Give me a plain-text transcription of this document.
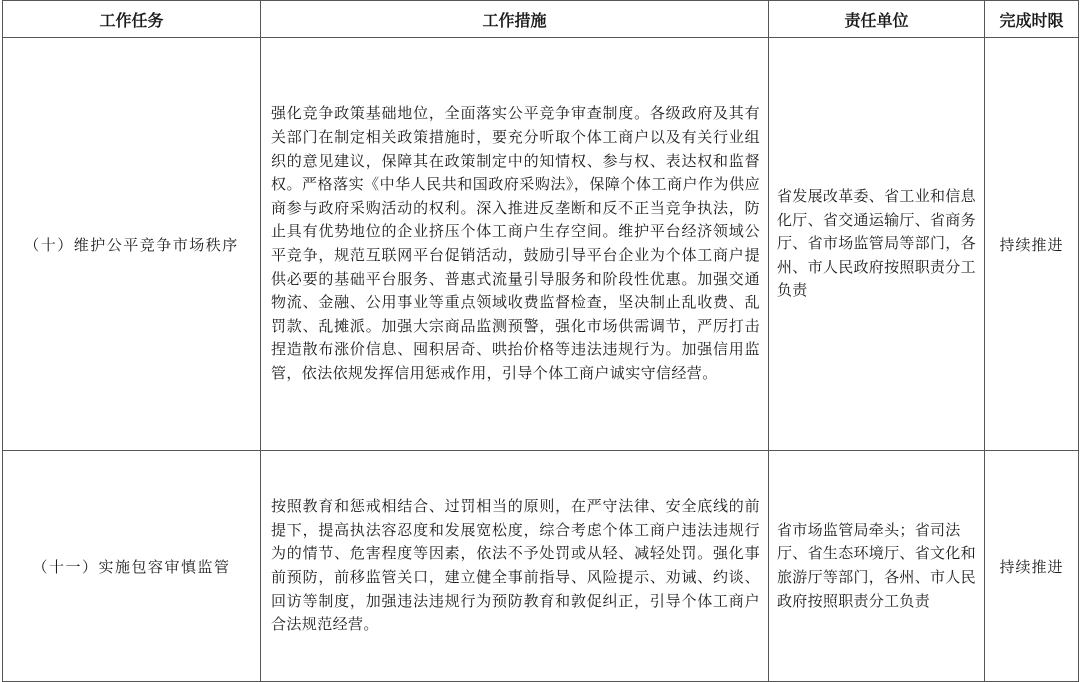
工作任务	工作措施	责任单位	完成时限
（十）维护公平竞争市场秩序	强化竞争政策基础地位，全面落实公平竞争审查制度。各级政府及其有关部门在制定相关政策措施时，要充分听取个体工商户以及有关行业组织的意见建议，保障其在政策制定中的知情权、参与权、表达权和监督权。严格落实《中华人民共和国政府采购法》，保障个体工商户作为供应商参与政府采购活动的权利。深入推进反垄断和反不正当竞争执法，防止具有优势地位的企业挤压个体工商户生存空间。维护平台经济领域公平竞争，规范互联网平台促销活动，鼓励引导平台企业为个体工商户提供必要的基础平台服务、普惠式流量引导服务和阶段性优惠。加强交通物流、金融、公用事业等重点领域收费监督检查，坚决制止乱收费、乱罚款、乱摊派。加强大宗商品监测预警，强化市场供需调节，严厉打击捏造散布涨价信息、囤积居奇、哄抬价格等违法违规行为。加强信用监管，依法依规发挥信用惩戒作用，引导个体工商户诚实守信经营。	省发展改革委、省工业和信息化厅、省交通运输厅、省商务厅、省市场监管局等部门，各州、市人民政府按照职责分工负责	持续推进
（十一）实施包容审慎监管	按照教育和惩戒相结合、过罚相当的原则，在严守法律、安全底线的前提下，提高执法容忍度和发展宽松度，综合考虑个体工商户违法违规行为的情节、危害程度等因素，依法不予处罚或从轻、减轻处罚。强化事前预防，前移监管关口，建立健全事前指导、风险提示、劝诫、约谈、回访等制度，加强违法违规行为预防教育和敦促纠正，引导个体工商户合法规范经营。	省市场监管局牵头；省司法厅、省生态环境厅、省文化和旅游厅等部门，各州、市人民政府按照职责分工负责	持续推进
